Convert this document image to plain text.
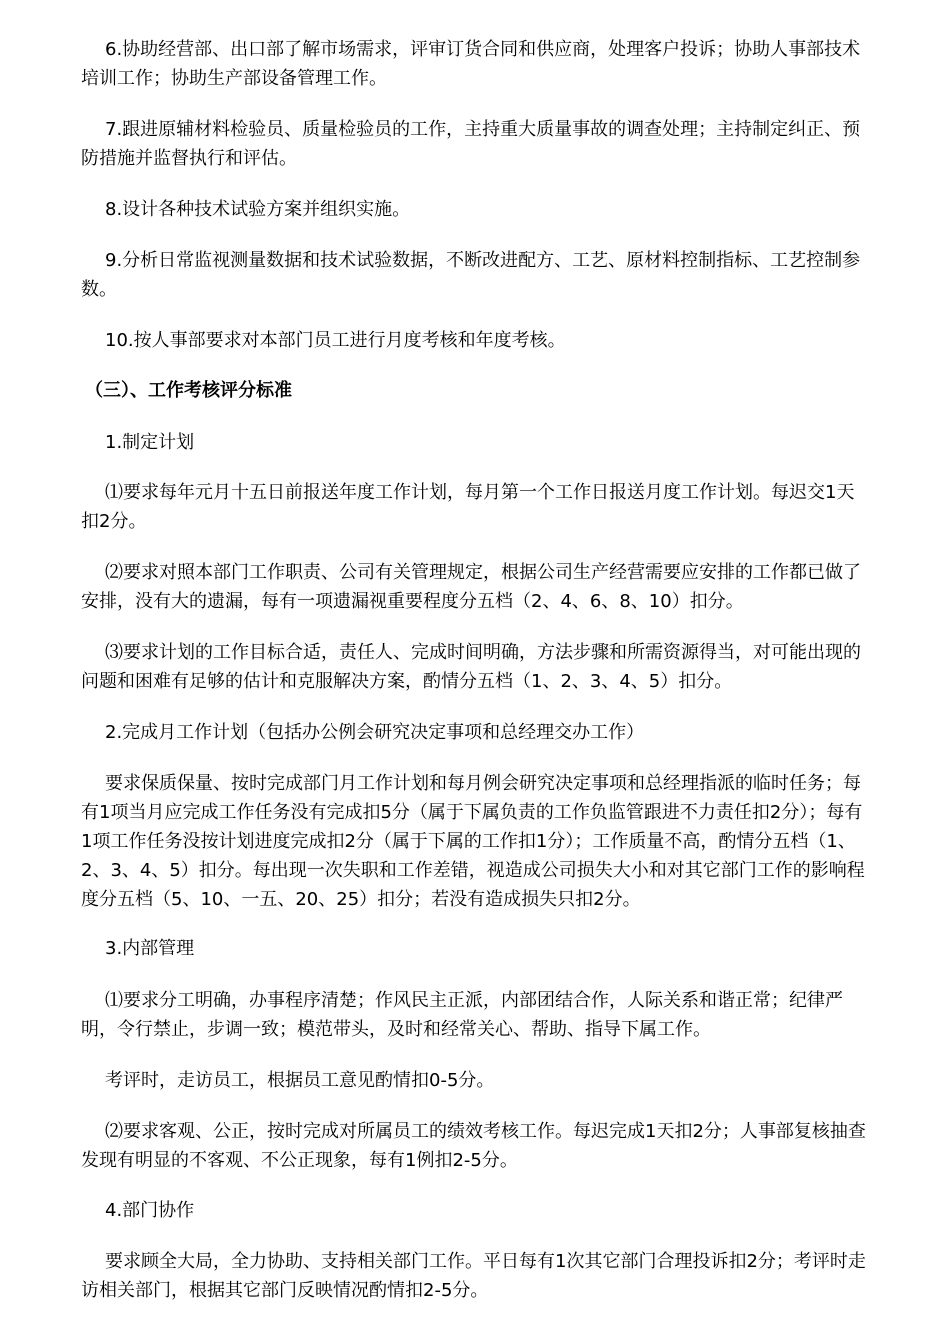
6.协助经营部、出口部了解市场需求，评审订货合同和供应商，处理客户投诉；协助人事部技术培训工作；协助生产部设备管理工作。

7.跟进原辅材料检验员、质量检验员的工作，主持重大质量事故的调查处理；主持制定纠正、预防措施并监督执行和评估。

8.设计各种技术试验方案并组织实施。

9.分析日常监视测量数据和技术试验数据，不断改进配方、工艺、原材料控制指标、工艺控制参数。

10.按人事部要求对本部门员工进行月度考核和年度考核。

（三）、工作考核评分标准

1.制定计划

⑴要求每年元月十五日前报送年度工作计划，每月第一个工作日报送月度工作计划。每迟交1天扣2分。

⑵要求对照本部门工作职责、公司有关管理规定，根据公司生产经营需要应安排的工作都已做了安排，没有大的遗漏，每有一项遗漏视重要程度分五档（2、4、6、8、10）扣分。

⑶要求计划的工作目标合适，责任人、完成时间明确，方法步骤和所需资源得当，对可能出现的问题和困难有足够的估计和克服解决方案，酌情分五档（1、2、3、4、5）扣分。

2.完成月工作计划（包括办公例会研究决定事项和总经理交办工作）

要求保质保量、按时完成部门月工作计划和每月例会研究决定事项和总经理指派的临时任务；每有1项当月应完成工作任务没有完成扣5分（属于下属负责的工作负监管跟进不力责任扣2分）；每有1项工作任务没按计划进度完成扣2分（属于下属的工作扣1分）；工作质量不高，酌情分五档（1、2、3、4、5）扣分。每出现一次失职和工作差错，视造成公司损失大小和对其它部门工作的影响程度分五档（5、10、一五、20、25）扣分；若没有造成损失只扣2分。

3.内部管理

⑴要求分工明确，办事程序清楚；作风民主正派，内部团结合作，人际关系和谐正常；纪律严明，令行禁止，步调一致；模范带头，及时和经常关心、帮助、指导下属工作。

考评时，走访员工，根据员工意见酌情扣0-5分。

⑵要求客观、公正，按时完成对所属员工的绩效考核工作。每迟完成1天扣2分；人事部复核抽查发现有明显的不客观、不公正现象，每有1例扣2-5分。

4.部门协作

要求顾全大局，全力协助、支持相关部门工作。平日每有1次其它部门合理投诉扣2分；考评时走访相关部门，根据其它部门反映情况酌情扣2-5分。
